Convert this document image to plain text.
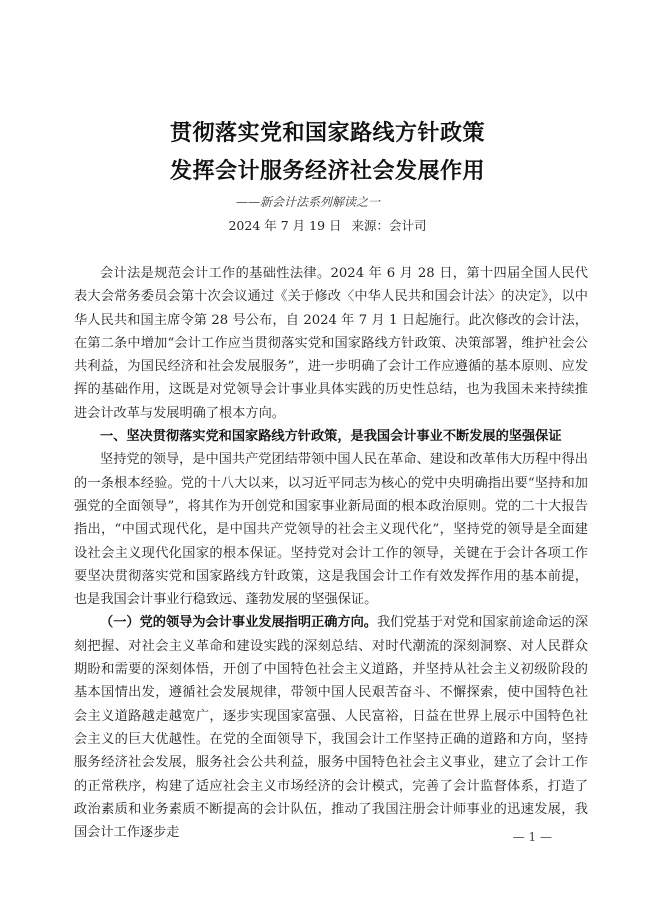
贯彻落实党和国家路线方针政策
发挥会计服务经济社会发展作用
——新会计法系列解读之一
2024 年 7 月 19 日 来源：会计司

会计法是规范会计工作的基础性法律。2024 年 6 月 28 日，第十四届全国人民代表大会常务委员会第十次会议通过《关于修改〈中华人民共和国会计法〉的决定》，以中华人民共和国主席令第 28 号公布，自 2024 年 7 月 1 日起施行。此次修改的会计法，在第二条中增加“会计工作应当贯彻落实党和国家路线方针政策、决策部署，维护社会公共利益，为国民经济和社会发展服务”，进一步明确了会计工作应遵循的基本原则、应发挥的基础作用，这既是对党领导会计事业具体实践的历史性总结，也为我国未来持续推进会计改革与发展明确了根本方向。

一、坚决贯彻落实党和国家路线方针政策，是我国会计事业不断发展的坚强保证

坚持党的领导，是中国共产党团结带领中国人民在革命、建设和改革伟大历程中得出的一条根本经验。党的十八大以来，以习近平同志为核心的党中央明确指出要“坚持和加强党的全面领导”，将其作为开创党和国家事业新局面的根本政治原则。党的二十大报告指出，“中国式现代化，是中国共产党领导的社会主义现代化”，坚持党的领导是全面建设社会主义现代化国家的根本保证。坚持党对会计工作的领导，关键在于会计各项工作要坚决贯彻落实党和国家路线方针政策，这是我国会计工作有效发挥作用的基本前提，也是我国会计事业行稳致远、蓬勃发展的坚强保证。

（一）党的领导为会计事业发展指明正确方向。我们党基于对党和国家前途命运的深刻把握、对社会主义革命和建设实践的深刻总结、对时代潮流的深刻洞察、对人民群众期盼和需要的深刻体悟，开创了中国特色社会主义道路，并坚持从社会主义初级阶段的基本国情出发，遵循社会发展规律，带领中国人民艰苦奋斗、不懈探索，使中国特色社会主义道路越走越宽广，逐步实现国家富强、人民富裕，日益在世界上展示中国特色社会主义的巨大优越性。在党的全面领导下，我国会计工作坚持正确的道路和方向，坚持服务经济社会发展，服务社会公共利益，服务中国特色社会主义事业，建立了会计工作的正常秩序，构建了适应社会主义市场经济的会计模式，完善了会计监督体系，打造了政治素质和业务素质不断提高的会计队伍，推动了我国注册会计师事业的迅速发展，我国会计工作逐步走	— 1 —
